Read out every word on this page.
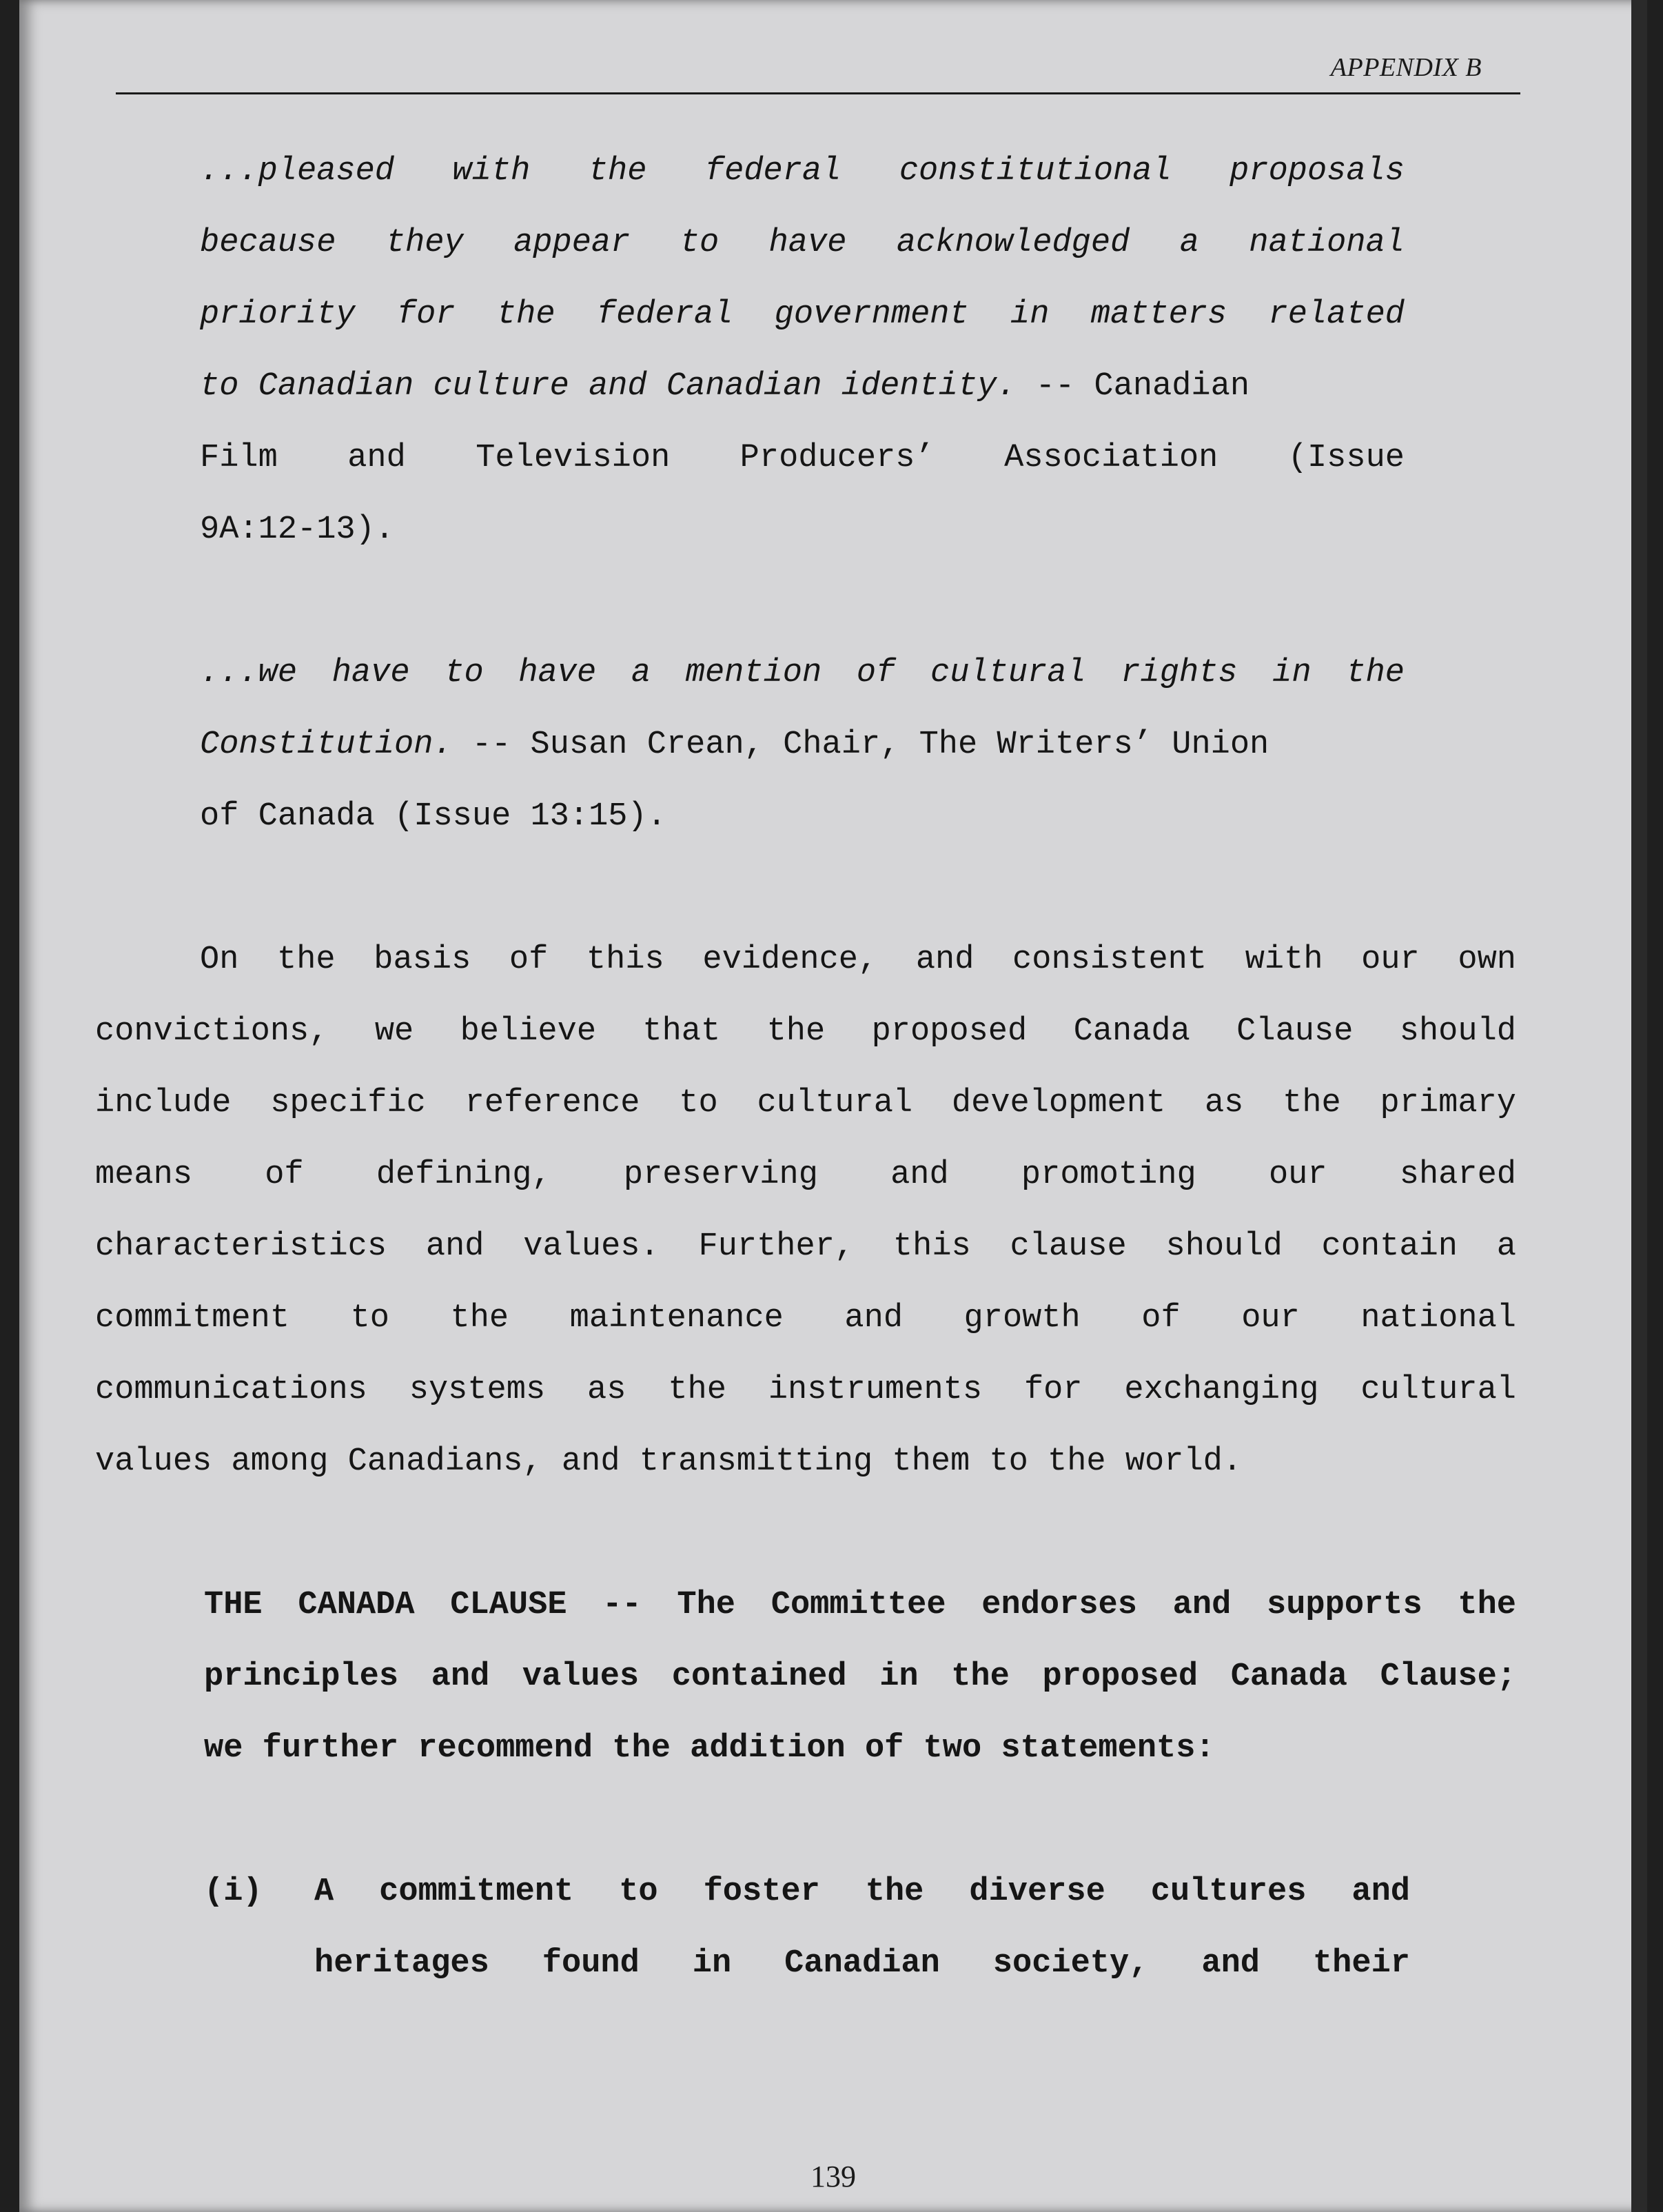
APPENDIX B
...pleased with the federal constitutional proposals
because they appear to have acknowledged a national
priority for the federal government in matters related
to Canadian culture and Canadian identity. -- Canadian
Film and Television Producers’ Association (Issue
9A:12-13).
...we have to have a mention of cultural rights in the
Constitution. -- Susan Crean, Chair, The Writers’ Union
of Canada (Issue 13:15).
On the basis of this evidence, and consistent with our own
convictions, we believe that the proposed Canada Clause should
include specific reference to cultural development as the primary
means of defining, preserving and promoting our shared
characteristics and values. Further, this clause should contain a
commitment to the maintenance and growth of our national
communications systems as the instruments for exchanging cultural
values among Canadians, and transmitting them to the world.
THE CANADA CLAUSE -- The Committee endorses and supports the
principles and values contained in the proposed Canada Clause;
we further recommend the addition of two statements:
(i) A commitment to foster the diverse cultures and
heritages found in Canadian society, and their
139
